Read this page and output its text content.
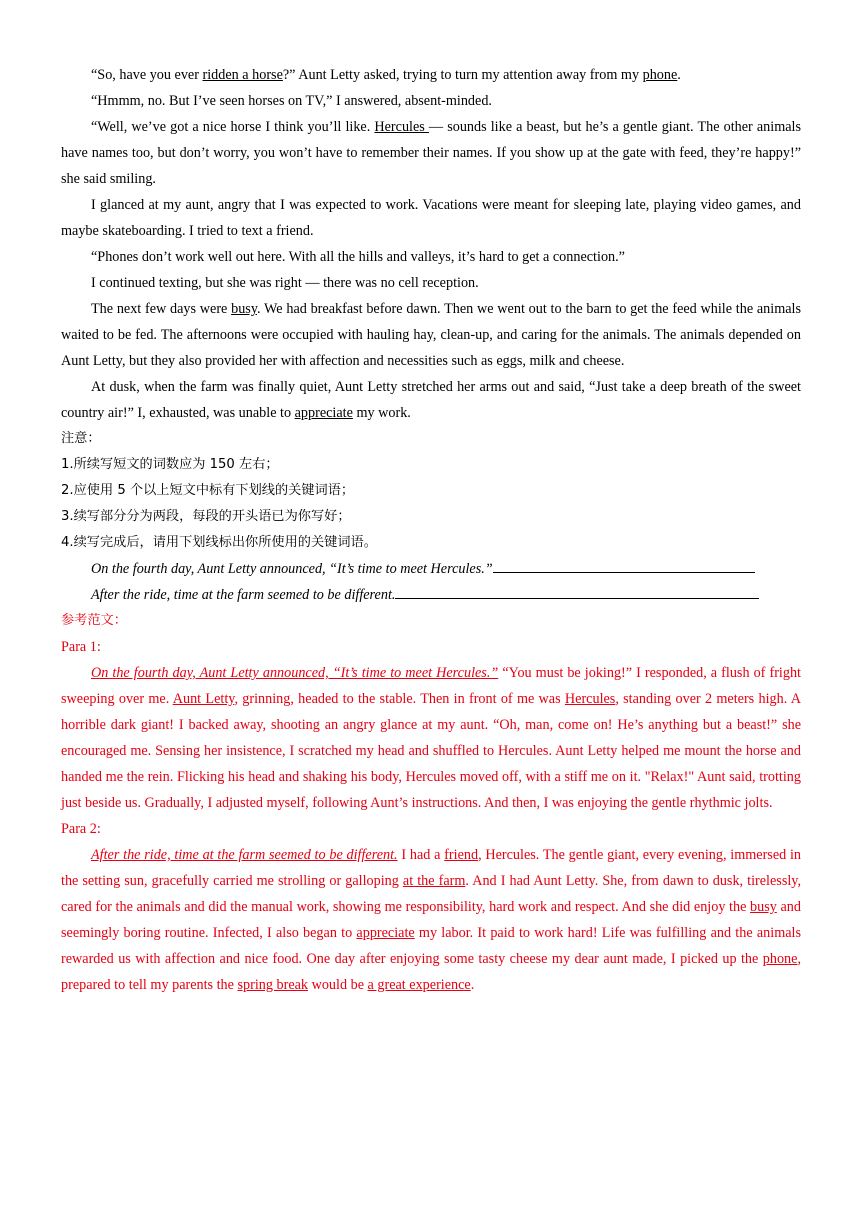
“So, have you ever ridden a horse?” Aunt Letty asked, trying to turn my attention away from my phone.

“Hmmm, no. But I’ve seen horses on TV,” I answered, absent-minded.

“Well, we’ve got a nice horse I think you’ll like. Hercules — sounds like a beast, but he’s a gentle giant. The other animals have names too, but don’t worry, you won’t have to remember their names. If you show up at the gate with feed, they’re happy!” she said smiling.

I glanced at my aunt, angry that I was expected to work. Vacations were meant for sleeping late, playing video games, and maybe skateboarding. I tried to text a friend.

“Phones don’t work well out here. With all the hills and valleys, it’s hard to get a connection.”

I continued texting, but she was right — there was no cell reception.

The next few days were busy. We had breakfast before dawn. Then we went out to the barn to get the feed while the animals waited to be fed. The afternoons were occupied with hauling hay, clean-up, and caring for the animals. The animals depended on Aunt Letty, but they also provided her with affection and necessities such as eggs, milk and cheese.

At dusk, when the farm was finally quiet, Aunt Letty stretched her arms out and said, “Just take a deep breath of the sweet country air!” I, exhausted, was unable to appreciate my work.

注意：

1.所续写短文的词数应为 150 左右；

2.应使用 5 个以上短文中标有下划线的关键词语；

3.续写部分分为两段，每段的开头语已为你写好；

4.续写完成后，请用下划线标出你所使用的关键词语。

On the fourth day, Aunt Letty announced, “It’s time to meet Hercules.”

After the ride, time at the farm seemed to be different.

参考范文：

Para 1:

On the fourth day, Aunt Letty announced, “It’s time to meet Hercules.” “You must be joking!” I responded, a flush of fright sweeping over me. Aunt Letty, grinning, headed to the stable. Then in front of me was Hercules, standing over 2 meters high. A horrible dark giant! I backed away, shooting an angry glance at my aunt. “Oh, man, come on! He’s anything but a beast!” she encouraged me. Sensing her insistence, I scratched my head and shuffled to Hercules. Aunt Letty helped me mount the horse and handed me the rein. Flicking his head and shaking his body, Hercules moved off, with a stiff me on it. "Relax!" Aunt said, trotting just beside us. Gradually, I adjusted myself, following Aunt’s instructions. And then, I was enjoying the gentle rhythmic jolts.

Para 2:

After the ride, time at the farm seemed to be different. I had a friend, Hercules. The gentle giant, every evening, immersed in the setting sun, gracefully carried me strolling or galloping at the farm. And I had Aunt Letty. She, from dawn to dusk, tirelessly, cared for the animals and did the manual work, showing me responsibility, hard work and respect. And she did enjoy the busy and seemingly boring routine. Infected, I also began to appreciate my labor. It paid to work hard! Life was fulfilling and the animals rewarded us with affection and nice food. One day after enjoying some tasty cheese my dear aunt made, I picked up the phone, prepared to tell my parents the spring break would be a great experience.
